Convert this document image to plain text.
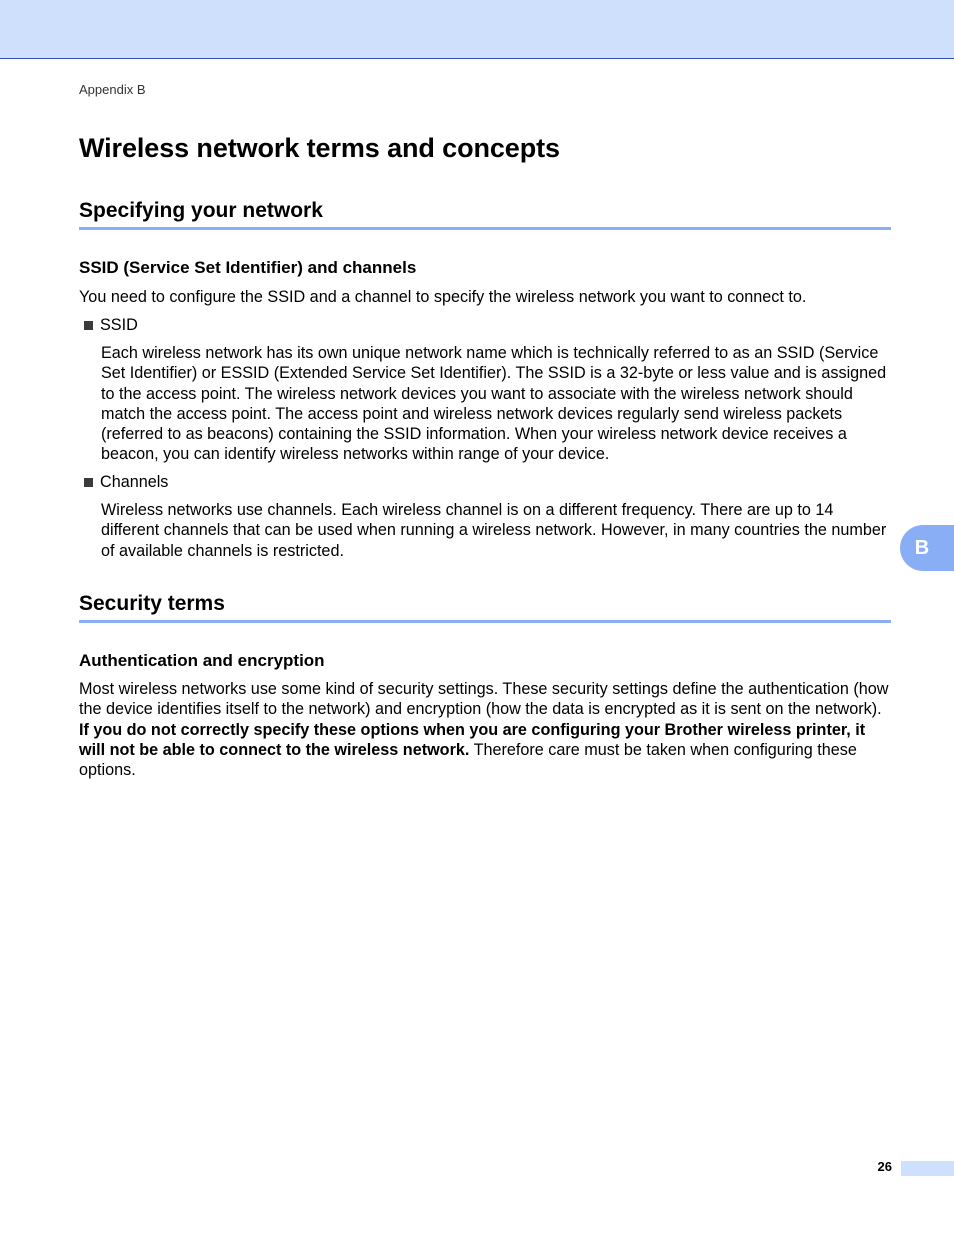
Appendix B
Wireless network terms and concepts
Specifying your network
SSID (Service Set Identifier) and channels

You need to configure the SSID and a channel to specify the wireless network you want to connect to.

SSID

Each wireless network has its own unique network name which is technically referred to as an SSID (Service Set Identifier) or ESSID (Extended Service Set Identifier). The SSID is a 32-byte or less value and is assigned to the access point. The wireless network devices you want to associate with the wireless network should match the access point. The access point and wireless network devices regularly send wireless packets (referred to as beacons) containing the SSID information. When your wireless network device receives a beacon, you can identify wireless networks within range of your device.

Channels

Wireless networks use channels. Each wireless channel is on a different frequency. There are up to 14 different channels that can be used when running a wireless network. However, in many countries the number of available channels is restricted.

Security terms
Authentication and encryption

Most wireless networks use some kind of security settings. These security settings define the authentication (how the device identifies itself to the network) and encryption (how the data is encrypted as it is sent on the network). If you do not correctly specify these options when you are configuring your Brother wireless printer, it will not be able to connect to the wireless network. Therefore care must be taken when configuring these options.

B
26
